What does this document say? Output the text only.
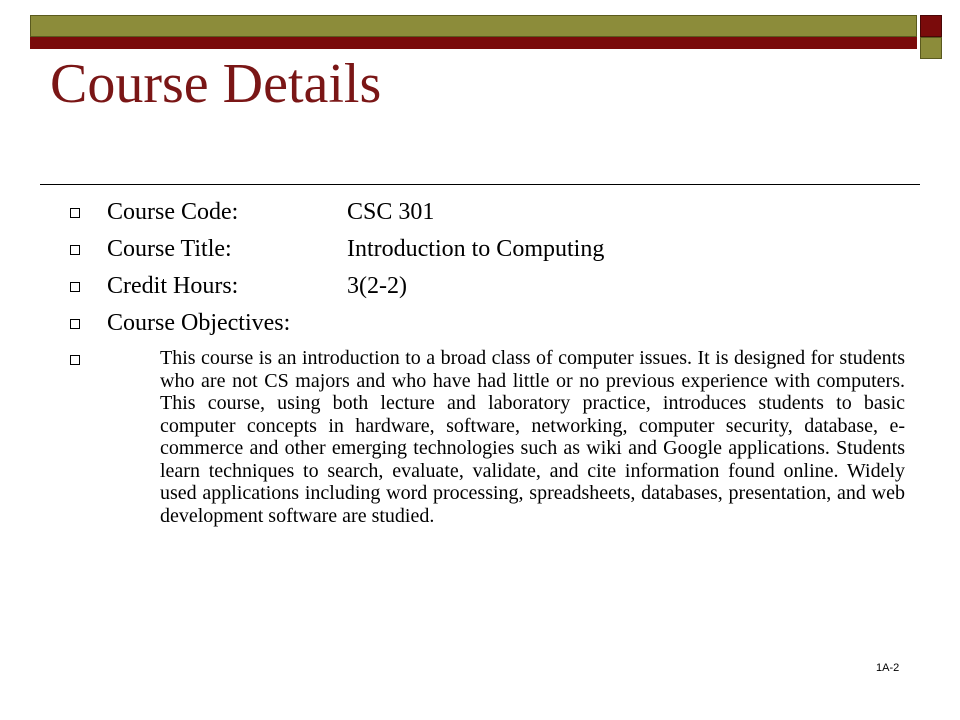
Course Details
Course Code:	CSC 301
Course Title:	Introduction to Computing
Credit Hours:	3(2-2)
Course Objectives:

This course is an introduction to a broad class of computer issues. It is designed for students who are not CS majors and who have had little or no previous experience with computers. This course, using both lecture and laboratory practice, introduces students to basic computer concepts in hardware, software, networking, computer security, database, e-commerce and other emerging technologies such as wiki and Google applications. Students learn techniques to search, evaluate, validate, and cite information found online. Widely used applications including word processing, spreadsheets, databases, presentation, and web development software are studied.

1A-2
